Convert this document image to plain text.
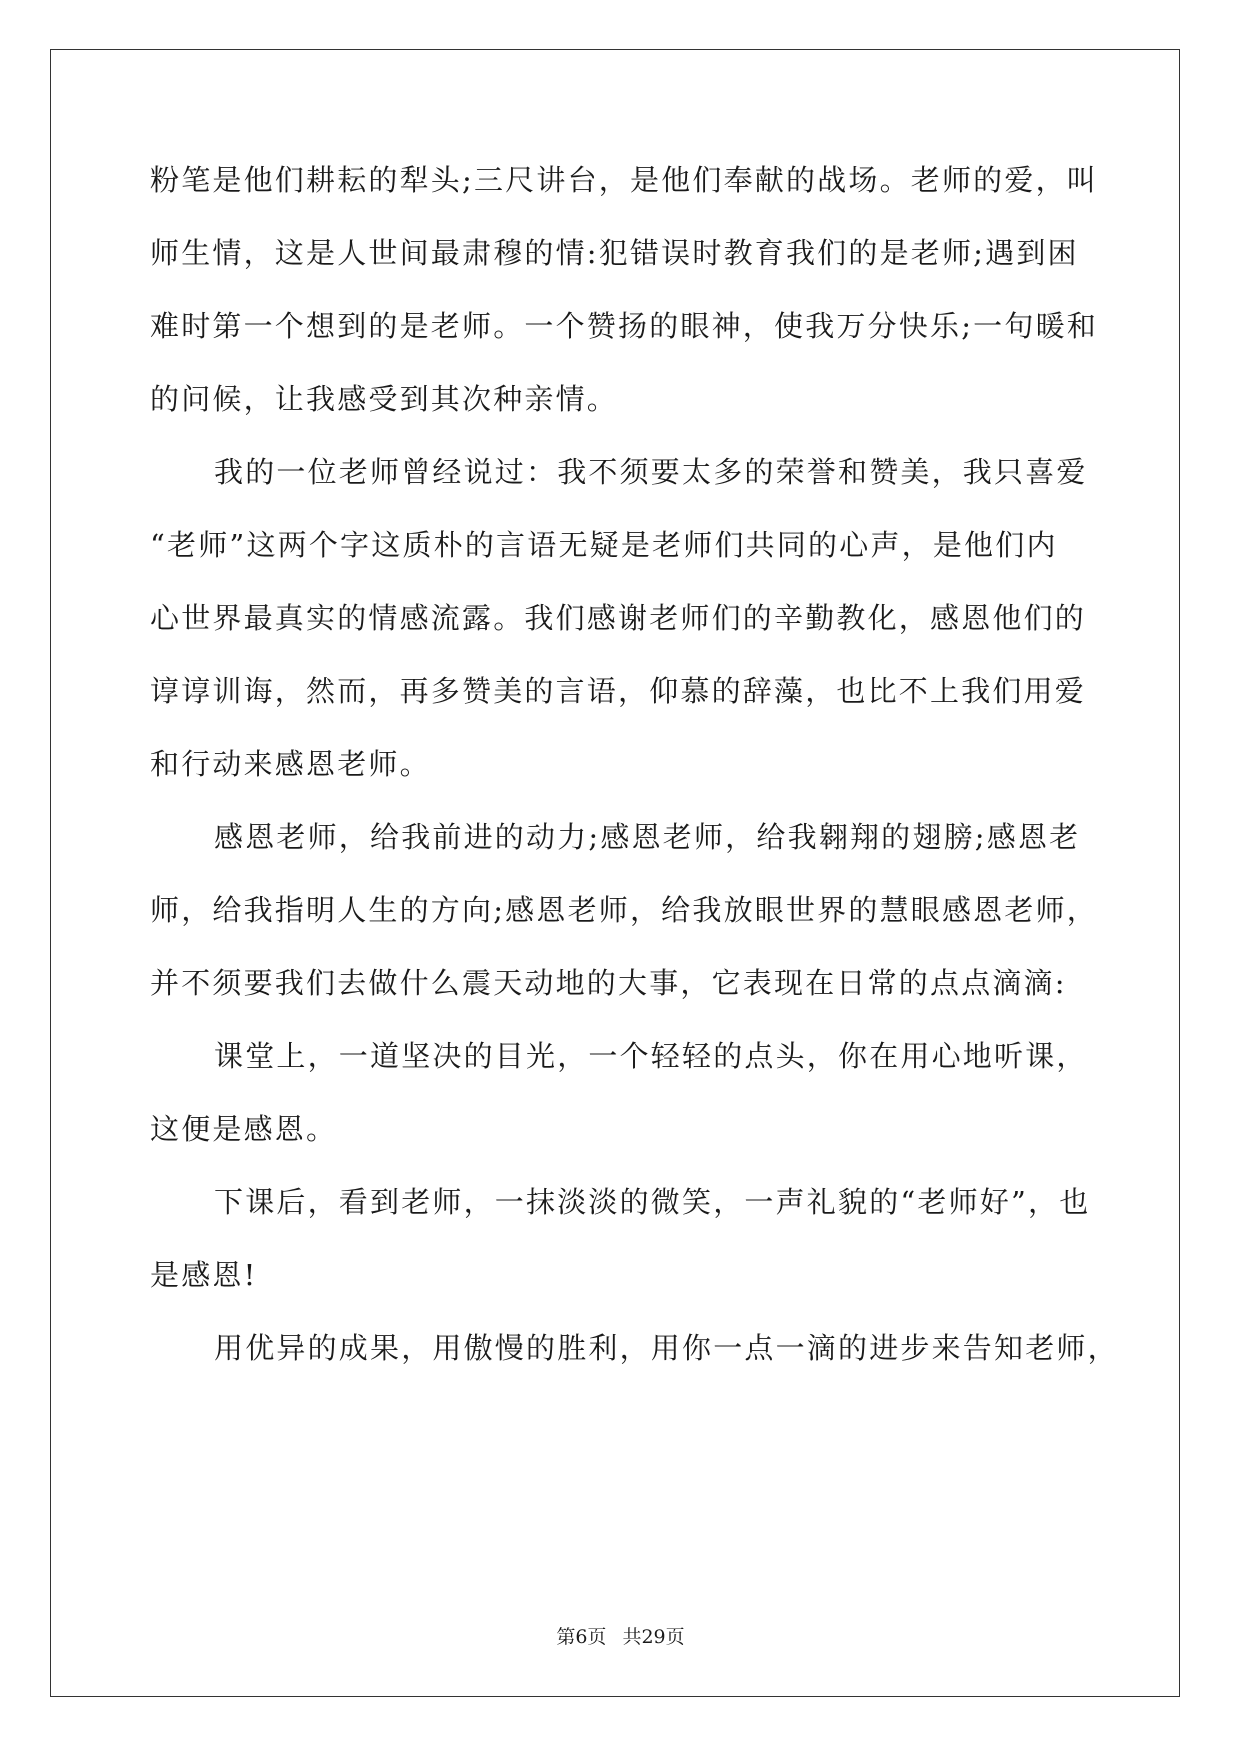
粉笔是他们耕耘的犁头;三尺讲台，是他们奉献的战场。老师的爱，叫
师生情，这是人世间最肃穆的情:犯错误时教育我们的是老师;遇到困
难时第一个想到的是老师。一个赞扬的眼神，使我万分快乐;一句暖和
的问候，让我感受到其次种亲情。
我的一位老师曾经说过：我不须要太多的荣誉和赞美，我只喜爱
“老师”这两个字这质朴的言语无疑是老师们共同的心声，是他们内
心世界最真实的情感流露。我们感谢老师们的辛勤教化，感恩他们的
谆谆训诲，然而，再多赞美的言语，仰慕的辞藻，也比不上我们用爱
和行动来感恩老师。
感恩老师，给我前进的动力;感恩老师，给我翱翔的翅膀;感恩老
师，给我指明人生的方向;感恩老师，给我放眼世界的慧眼感恩老师，
并不须要我们去做什么震天动地的大事，它表现在日常的点点滴滴:
课堂上，一道坚决的目光，一个轻轻的点头，你在用心地听课，
这便是感恩。
下课后，看到老师，一抹淡淡的微笑，一声礼貌的“老师好”，也
是感恩!
用优异的成果，用傲慢的胜利，用你一点一滴的进步来告知老师，
第6页 共29页
